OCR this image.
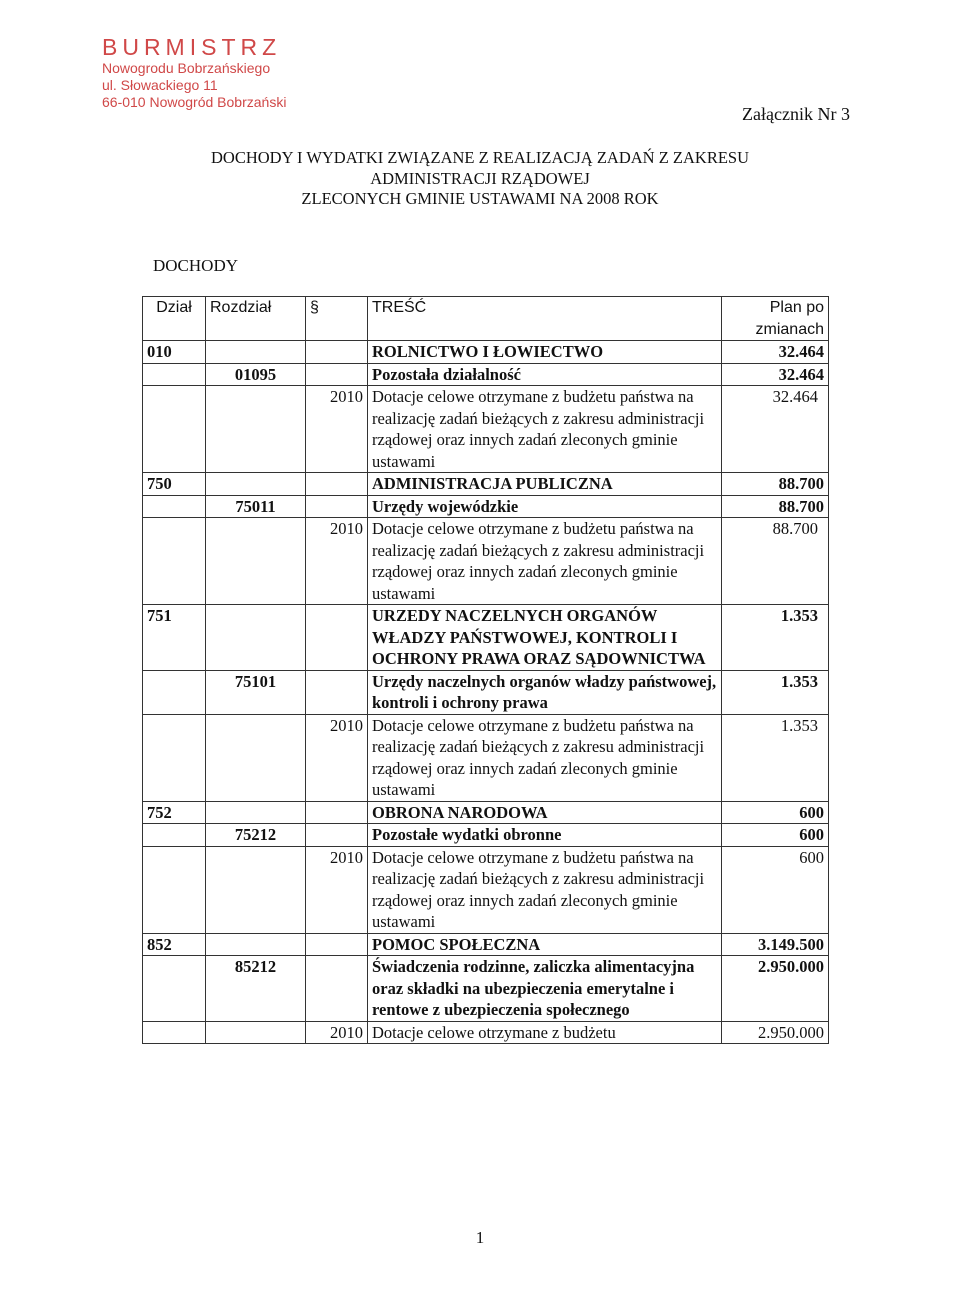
BURMISTRZ
Nowogrodu Bobrzańskiego
ul. Słowackiego 11
66-010 Nowogród Bobrzański
Załącznik Nr 3
DOCHODY I WYDATKI ZWIĄZANE Z REALIZACJĄ ZADAŃ Z ZAKRESU
ADMINISTRACJI RZĄDOWEJ
ZLECONYCH GMINIE USTAWAMI NA 2008 ROK
DOCHODY
Dział	Rozdział	§	TREŚĆ	Plan po zmianach
010			ROLNICTWO I ŁOWIECTWO	32.464
	01095		Pozostała działalność	32.464
		2010	Dotacje celowe otrzymane z budżetu państwa na realizację zadań bieżących z zakresu administracji rządowej oraz innych zadań zleconych gminie ustawami	32.464
750			ADMINISTRACJA PUBLICZNA	88.700
	75011		Urzędy wojewódzkie	88.700
		2010	Dotacje celowe otrzymane z budżetu państwa na realizację zadań bieżących z zakresu administracji rządowej oraz innych zadań zleconych gminie ustawami	88.700
751			URZEDY NACZELNYCH ORGANÓW WŁADZY PAŃSTWOWEJ, KONTROLI I OCHRONY PRAWA ORAZ SĄDOWNICTWA	1.353
	75101		Urzędy naczelnych organów władzy państwowej, kontroli i ochrony prawa	1.353
		2010	Dotacje celowe otrzymane z budżetu państwa na realizację zadań bieżących z zakresu administracji rządowej oraz innych zadań zleconych gminie ustawami	1.353
752			OBRONA NARODOWA	600
	75212		Pozostałe wydatki obronne	600
		2010	Dotacje celowe otrzymane z budżetu państwa na realizację zadań bieżących z zakresu administracji rządowej oraz innych zadań zleconych gminie ustawami	600
852			POMOC SPOŁECZNA	3.149.500
	85212		Świadczenia rodzinne, zaliczka alimentacyjna oraz składki na ubezpieczenia emerytalne i rentowe z ubezpieczenia społecznego	2.950.000
		2010	Dotacje celowe otrzymane z budżetu	2.950.000
1
